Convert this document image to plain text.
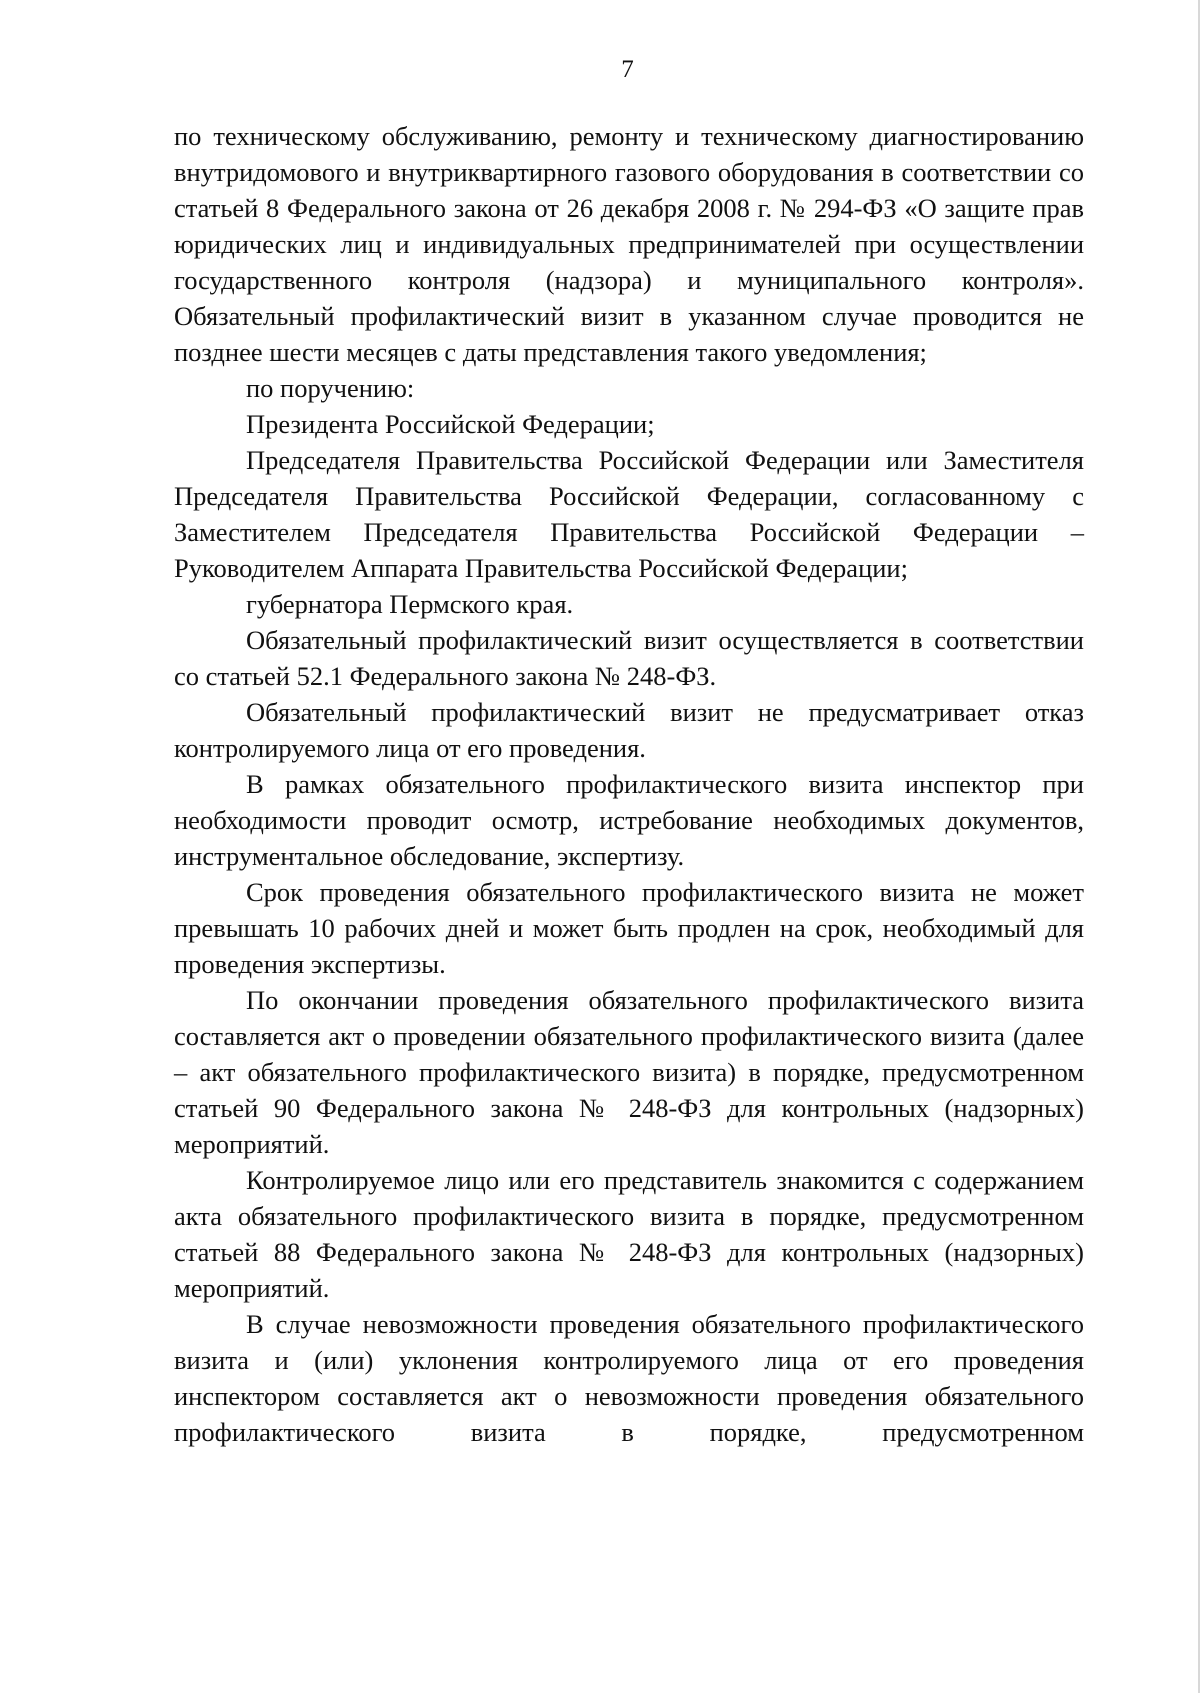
7

по техническому обслуживанию, ремонту и техническому диагностированию внутридомового и внутриквартирного газового оборудования в соответствии со статьей 8 Федерального закона от 26 декабря 2008 г. № 294-ФЗ «О защите прав юридических лиц и индивидуальных предпринимателей при осуществлении государственного контроля (надзора) и муниципального контроля». Обязательный профилактический визит в указанном случае проводится не позднее шести месяцев с даты представления такого уведомления;

по поручению:

Президента Российской Федерации;

Председателя Правительства Российской Федерации или Заместителя Председателя Правительства Российской Федерации, согласованному с Заместителем Председателя Правительства Российской Федерации – Руководителем Аппарата Правительства Российской Федерации;

губернатора Пермского края.

Обязательный профилактический визит осуществляется в соответствии со статьей 52.1 Федерального закона № 248-ФЗ.

Обязательный профилактический визит не предусматривает отказ контролируемого лица от его проведения.

В рамках обязательного профилактического визита инспектор при необходимости проводит осмотр, истребование необходимых документов, инструментальное обследование, экспертизу.

Срок проведения обязательного профилактического визита не может превышать 10 рабочих дней и может быть продлен на срок, необходимый для проведения экспертизы.

По окончании проведения обязательного профилактического визита составляется акт о проведении обязательного профилактического визита (далее – акт обязательного профилактического визита) в порядке, предусмотренном статьей 90 Федерального закона № 248-ФЗ для контрольных (надзорных) мероприятий.

Контролируемое лицо или его представитель знакомится с содержанием акта обязательного профилактического визита в порядке, предусмотренном статьей 88 Федерального закона № 248-ФЗ для контрольных (надзорных) мероприятий.

В случае невозможности проведения обязательного профилактического визита и (или) уклонения контролируемого лица от его проведения инспектором составляется акт о невозможности проведения обязательного профилактического визита в порядке, предусмотренном
